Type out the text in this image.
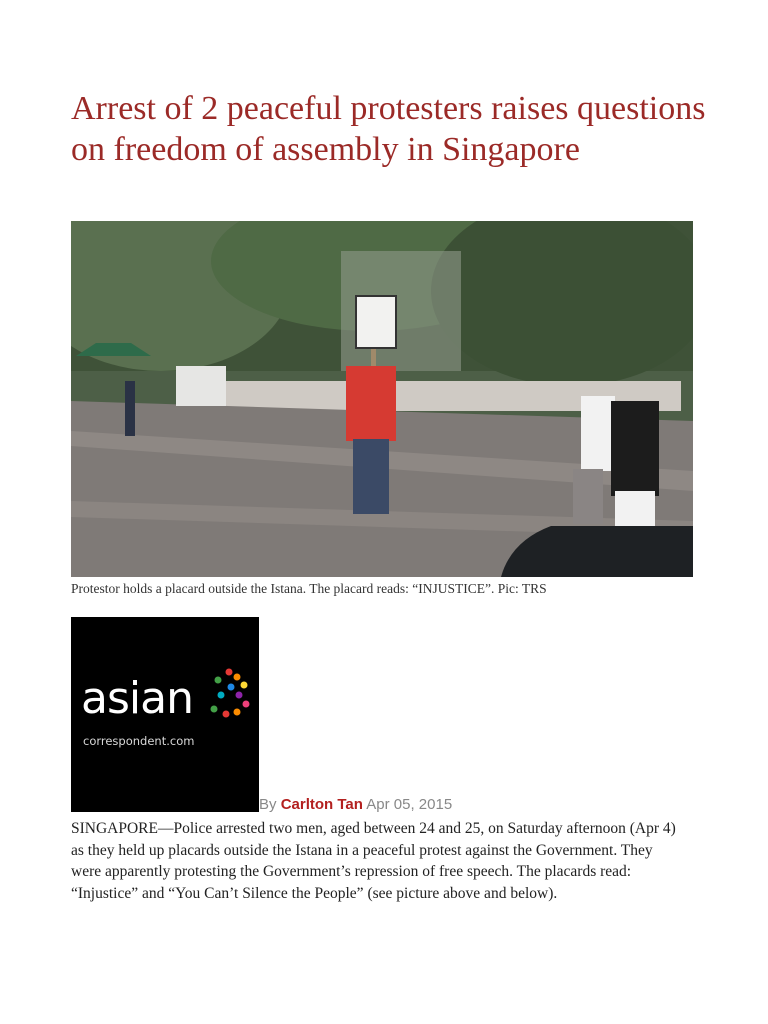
Arrest of 2 peaceful protesters raises questions on freedom of assembly in Singapore

Protestor holds a placard outside the Istana. The placard reads: “INJUSTICE”. Pic: TRS

asian
correspondent.com
By Carlton Tan Apr 05, 2015

SINGAPORE—Police arrested two men, aged between 24 and 25, on Saturday afternoon (Apr 4) as they held up placards outside the Istana in a peaceful protest against the Government. They were apparently protesting the Government’s repression of free speech. The placards read: “Injustice” and “You Can’t Silence the People” (see picture above and below).
